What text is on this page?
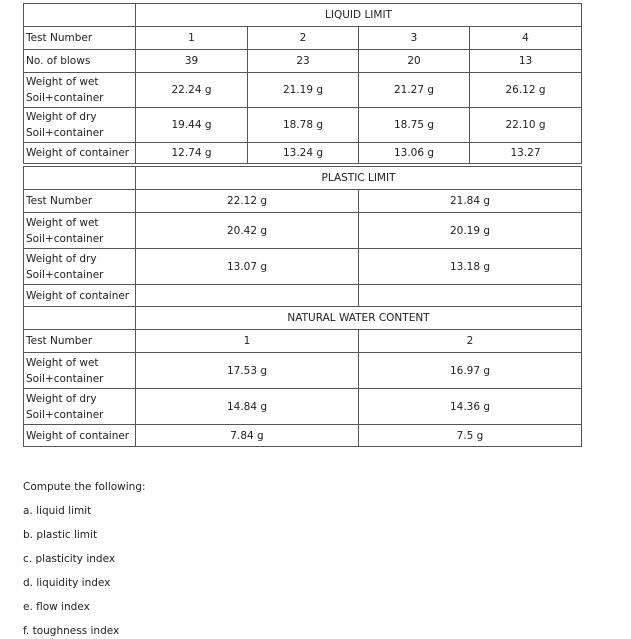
	LIQUID LIMIT			
Test Number	1	2	3	4
No. of blows	39	23	20	13
Weight of wet
Soil+container	22.24 g	21.19 g	21.27 g	26.12 g
Weight of dry
Soil+container	19.44 g	18.78 g	18.75 g	22.10 g
Weight of container	12.74 g	13.24 g	13.06 g	13.27
	PLASTIC LIMIT	
Test Number	22.12 g	21.84 g
Weight of wet
Soil+container	20.42 g	20.19 g
Weight of dry
Soil+container	13.07 g	13.18 g
Weight of container		
	NATURAL WATER CONTENT	
Test Number	1	2
Weight of wet
Soil+container	17.53 g	16.97 g
Weight of dry
Soil+container	14.84 g	14.36 g
Weight of container	7.84 g	7.5 g
Compute the following:
a. liquid limit
b. plastic limit
c. plasticity index
d. liquidity index
e. flow index
f. toughness index
